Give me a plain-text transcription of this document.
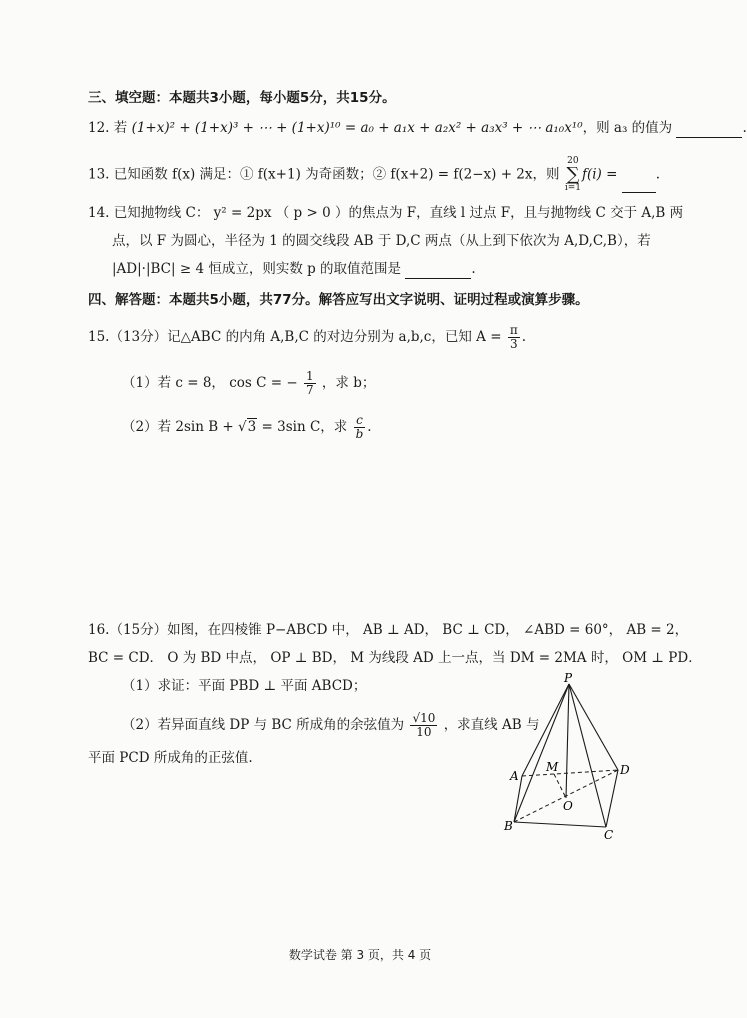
三、填空题：本题共3小题，每小题5分，共15分。
12. 若 (1+x)² + (1+x)³ + ⋯ + (1+x)¹⁰ = a₀ + a₁x + a₂x² + a₃x³ + ⋯ a₁₀x¹⁰，则 a₃ 的值为	.
13. 已知函数 f(x) 满足：① f(x+1) 为奇函数；② f(x+2) = f(2−x) + 2x，则 20
∑
i=1f(i) =	.
14. 已知抛物线 C： y² = 2px （ p > 0 ）的焦点为 F，直线 l 过点 F，且与抛物线 C 交于 A,B 两
点，以 F 为圆心，半径为 1 的圆交线段 AB 于 D,C 两点（从上到下依次为 A,D,C,B），若
|AD|·|BC| ≥ 4 恒成立，则实数 p 的取值范围是	.
四、解答题：本题共5小题，共77分。解答应写出文字说明、证明过程或演算步骤。
15.（13分）记△ABC 的内角 A,B,C 的对边分别为 a,b,c，已知 $A = \frac{\pi}{3}$ .
（1）若 c = 8， cos C = − $\frac{1}{7}$ ，求 b；
（2）若 2sin B + √3 = 3sin C，求 $\frac{c}{b}$ .
16.（15分）如图，在四棱锥 P−ABCD 中， AB ⊥ AD， BC ⊥ CD， ∠ABD = 60°， AB = 2，
BC = CD． O 为 BD 中点， OP ⊥ BD， M 为线段 AD 上一点，当 DM = 2MA 时， OM ⊥ PD．
（1）求证：平面 PBD ⊥ 平面 ABCD；
（2）若异面直线 DP 与 BC 所成角的余弦值为 $\frac{√10}{10}$ ，求直线 AB 与
平面 PCD 所成角的正弦值.
P
A
M	D
O
B
C
数学试卷 第 3 页，共 4 页
